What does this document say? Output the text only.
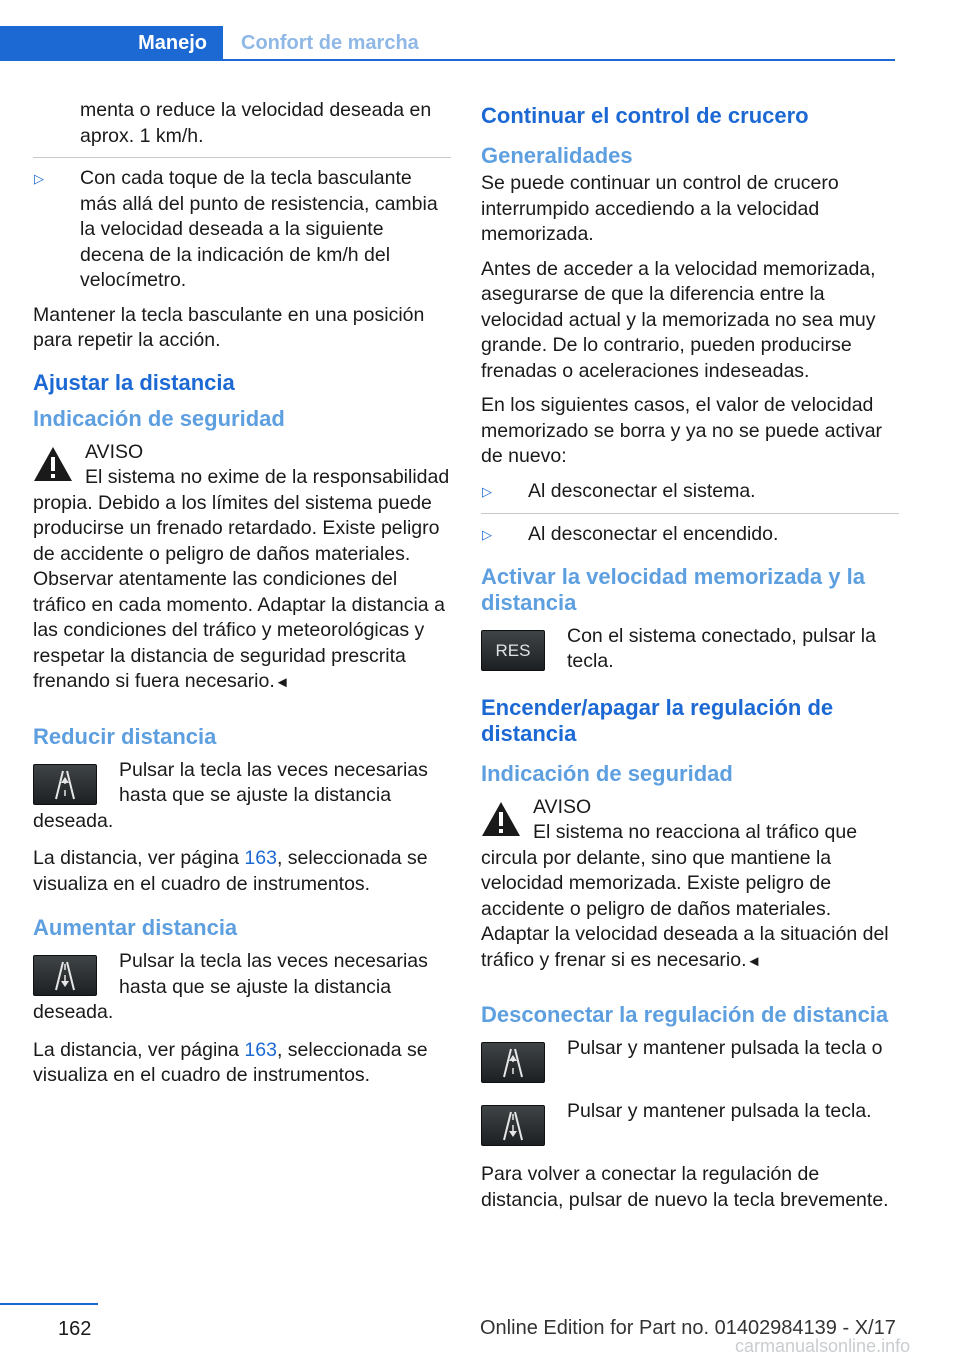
Manejo	Confort de marcha

menta o reduce la velocidad deseada en aprox. 1 km/h.

▷ Con cada toque de la tecla basculante más allá del punto de resistencia, cambia la velocidad deseada a la siguiente decena de la indicación de km/h del velocímetro.

Mantener la tecla basculante en una posición para repetir la acción.

Ajustar la distancia
Indicación de seguridad
AVISO
El sistema no exime de la responsabilidad propia. Debido a los límites del sistema puede producirse un frenado retardado. Existe peligro de accidente o peligro de daños materiales. Observar atentamente las condiciones del tráfico en cada momento. Adaptar la distancia a las condiciones del tráfico y meteorológicas y respetar la distancia de seguridad prescrita frenando si fuera necesario.◄
Reducir distancia
Pulsar la tecla las veces necesarias hasta que se ajuste la distancia deseada.

La distancia, ver página 163, seleccionada se visualiza en el cuadro de instrumentos.

Aumentar distancia
Pulsar la tecla las veces necesarias hasta que se ajuste la distancia deseada.

La distancia, ver página 163, seleccionada se visualiza en el cuadro de instrumentos.

Continuar el control de crucero
Generalidades

Se puede continuar un control de crucero interrumpido accediendo a la velocidad memorizada.

Antes de acceder a la velocidad memorizada, asegurarse de que la diferencia entre la velocidad actual y la memorizada no sea muy grande. De lo contrario, pueden producirse frenadas o aceleraciones indeseadas.

En los siguientes casos, el valor de velocidad memorizado se borra y ya no se puede activar de nuevo:

▷ Al desconectar el sistema.
▷ Al desconectar el encendido.
Activar la velocidad memorizada y la distancia
RES
Con el sistema conectado, pulsar la tecla.
Encender/apagar la regulación de distancia
Indicación de seguridad
AVISO
El sistema no reacciona al tráfico que circula por delante, sino que mantiene la velocidad memorizada. Existe peligro de accidente o peligro de daños materiales. Adaptar la velocidad deseada a la situación del tráfico y frenar si es necesario.◄
Desconectar la regulación de distancia
Pulsar y mantener pulsada la tecla o
Pulsar y mantener pulsada la tecla.

Para volver a conectar la regulación de distancia, pulsar de nuevo la tecla brevemente.

162	Online Edition for Part no. 01402984139 - X/17
carmanualsonline.info
